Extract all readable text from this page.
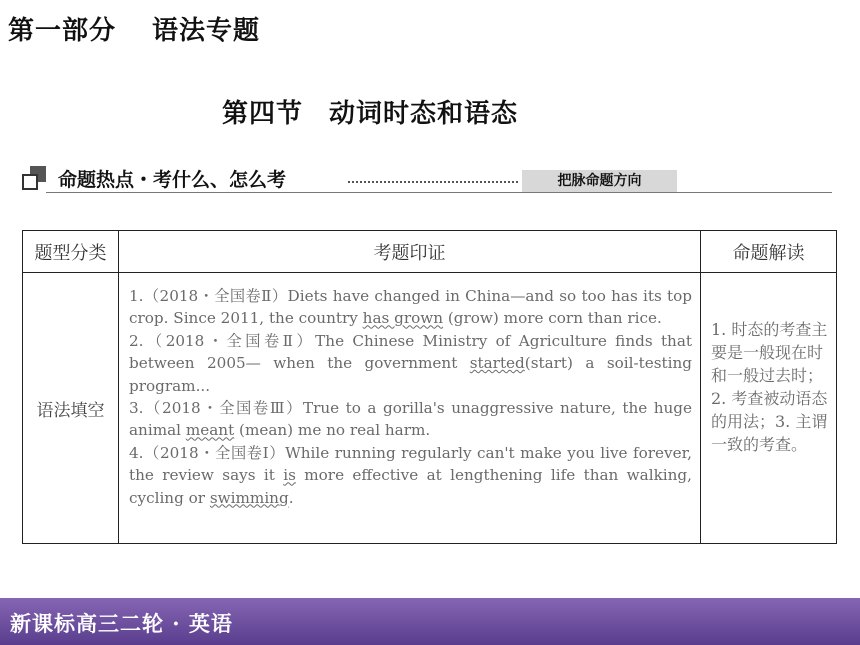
第一部分 语法专题
第四节 动词时态和语态
命题热点・考什么、怎么考	把脉命题方向
题型分类	考题印证	命题解读
语法填空	1.（2018・全国卷Ⅱ）Diets have changed in China—and so too has its top crop. Since 2011, the country has grown (grow) more corn than rice.

2.（2018・全国卷Ⅱ）The Chinese Ministry of Agriculture finds that between 2005— when the government started(start) a soil-testing program...

3.（2018・全国卷Ⅲ）True to a gorilla's unaggressive nature, the huge animal meant (mean) me no real harm.

4.（2018・全国卷Ⅰ）While running regularly can't make you live forever, the review says it is more effective at lengthening life than walking, cycling or swimming.	1. 时态的考查主要是一般现在时和一般过去时；2. 考查被动语态的用法；3. 主谓一致的考查。
新课标高三二轮 · 英语
